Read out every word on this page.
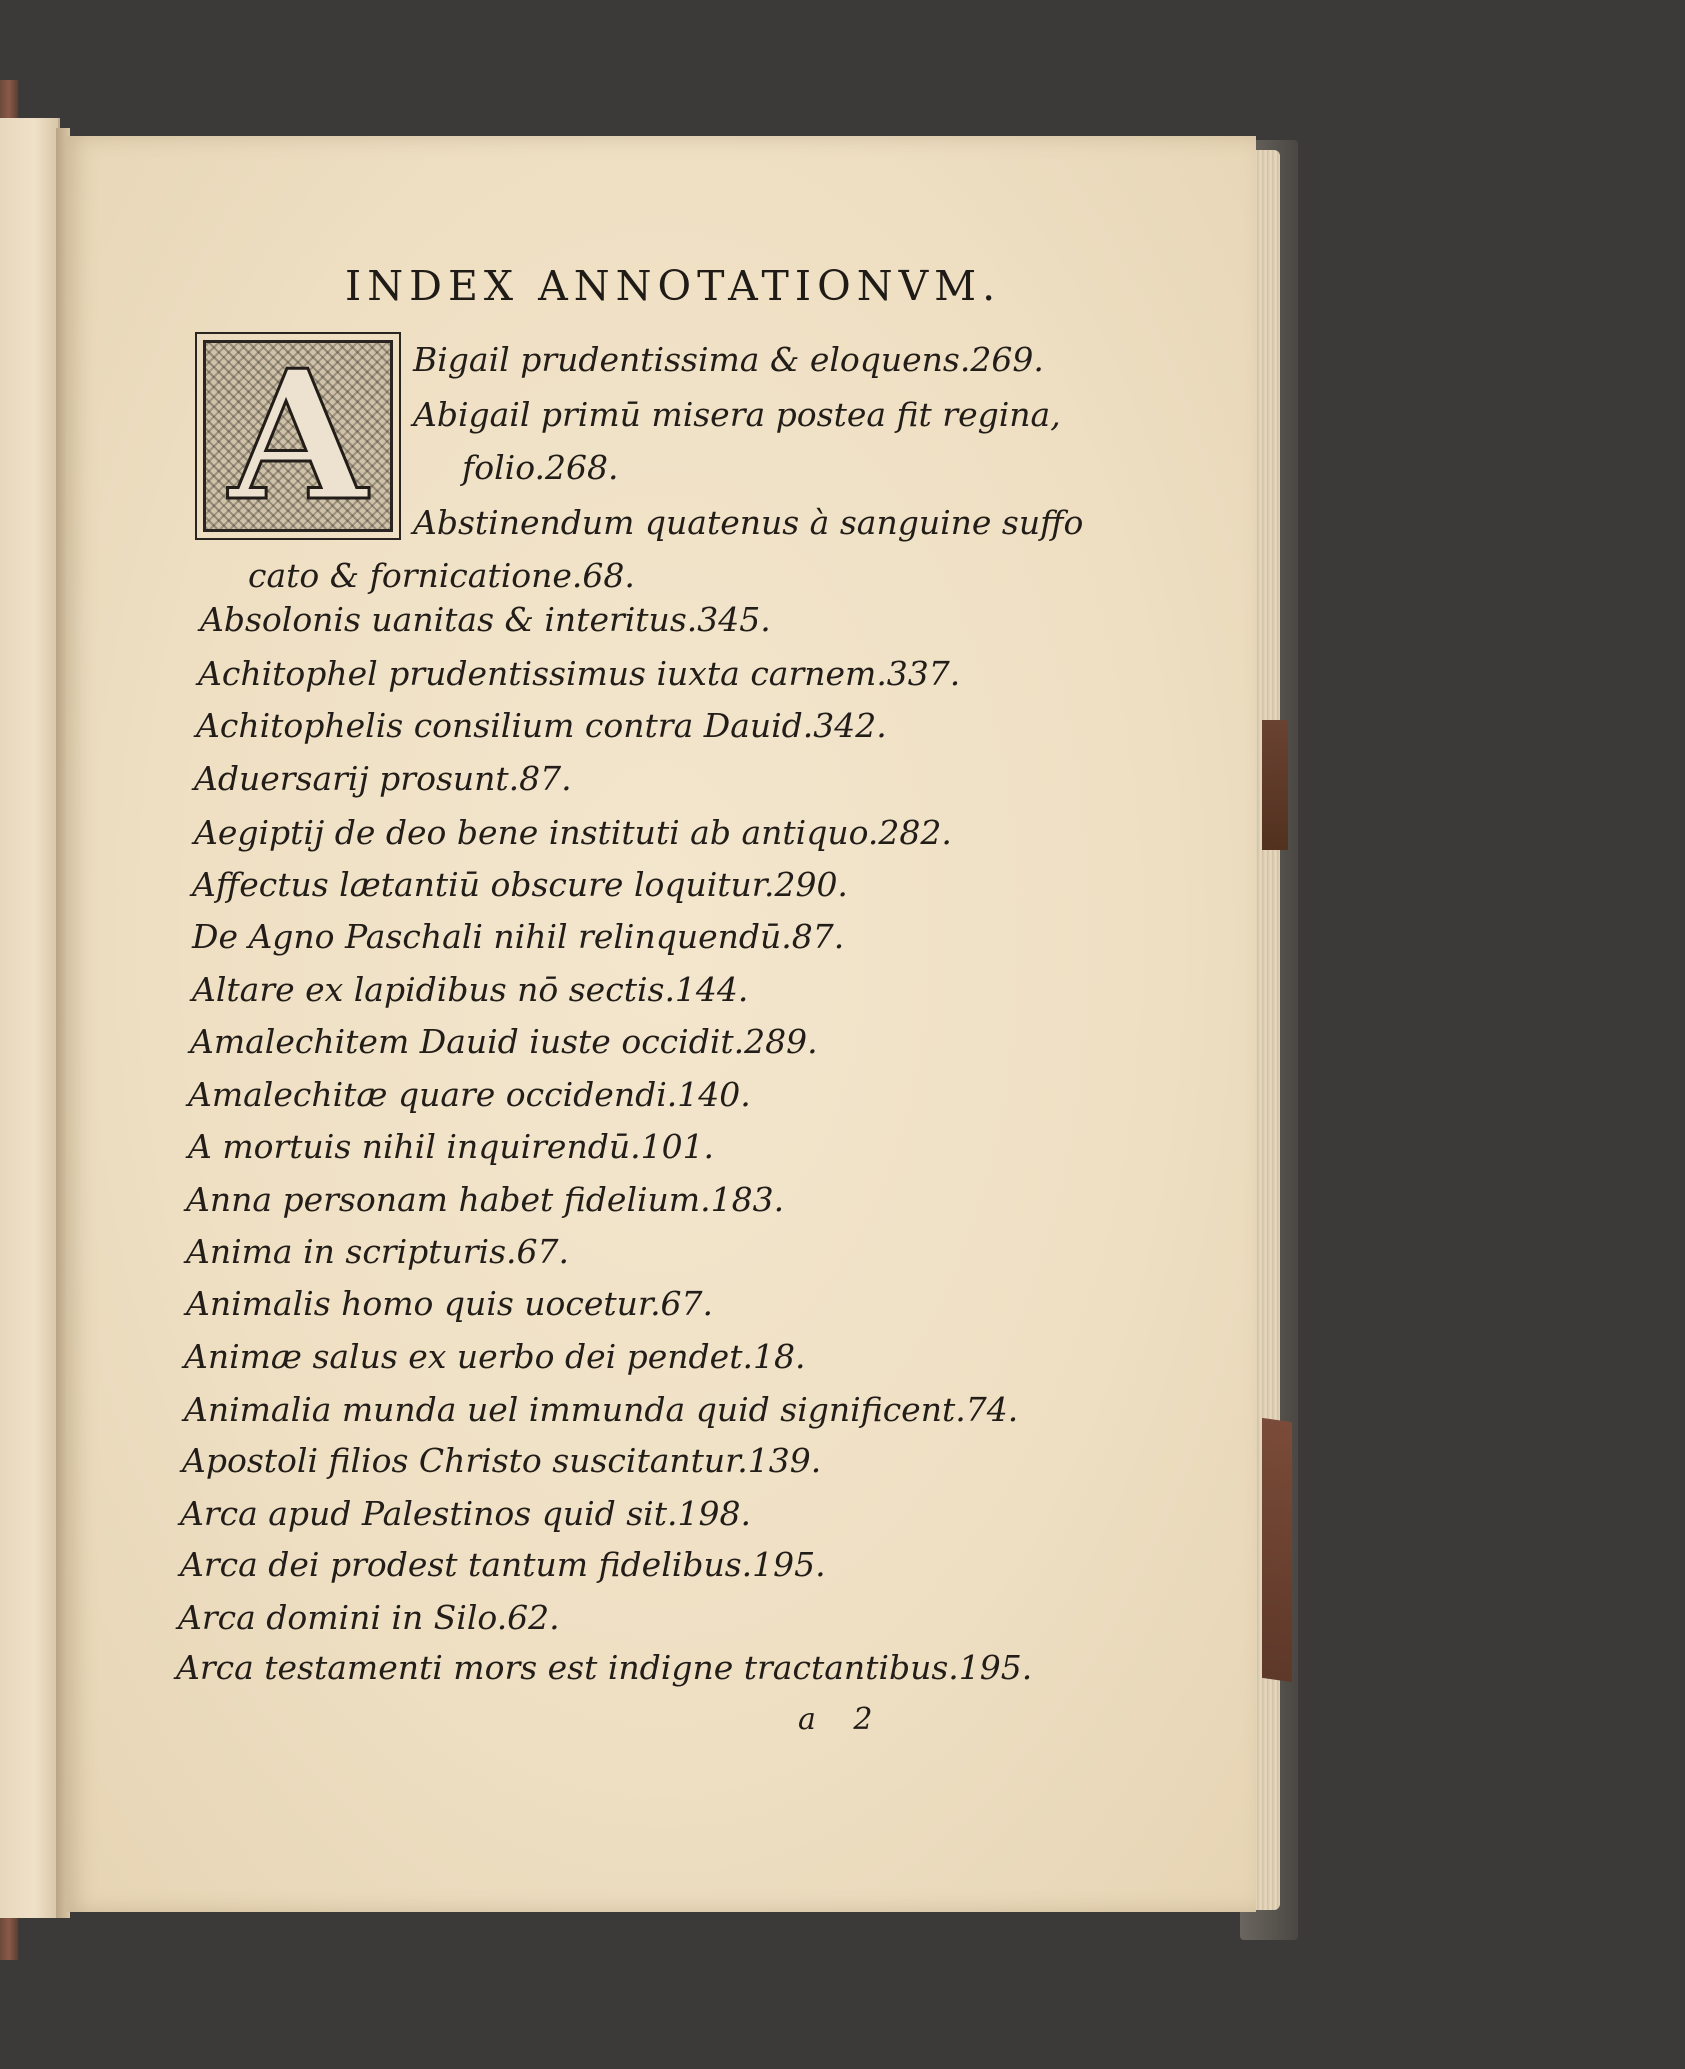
INDEX ANNOTATIONVM.
A	Bigail prudentissima & eloquens.269.
Abigail primū misera postea fit regina,
folio.268.
Abstinendum quatenus à sanguine suffo
cato & fornicatione.68.
Absolonis uanitas & interitus.345.
Achitophel prudentissimus iuxta carnem.337.
Achitophelis consilium contra Dauid.342.
Aduersarij prosunt.87.
Aegiptij de deo bene instituti ab antiquo.282.
Affectus lætantiū obscure loquitur.290.
De Agno Paschali nihil relinquendū.87.
Altare ex lapidibus nō sectis.144.
Amalechitem Dauid iuste occidit.289.
Amalechitæ quare occidendi.140.
A mortuis nihil inquirendū.101.
Anna personam habet fidelium.183.
Anima in scripturis.67.
Animalis homo quis uocetur.67.
Animæ salus ex uerbo dei pendet.18.
Animalia munda uel immunda quid significent.74.
Apostoli filios Christo suscitantur.139.
Arca apud Palestinos quid sit.198.
Arca dei prodest tantum fidelibus.195.
Arca domini in Silo.62.
Arca testamenti mors est indigne tractantibus.195.
a 2
